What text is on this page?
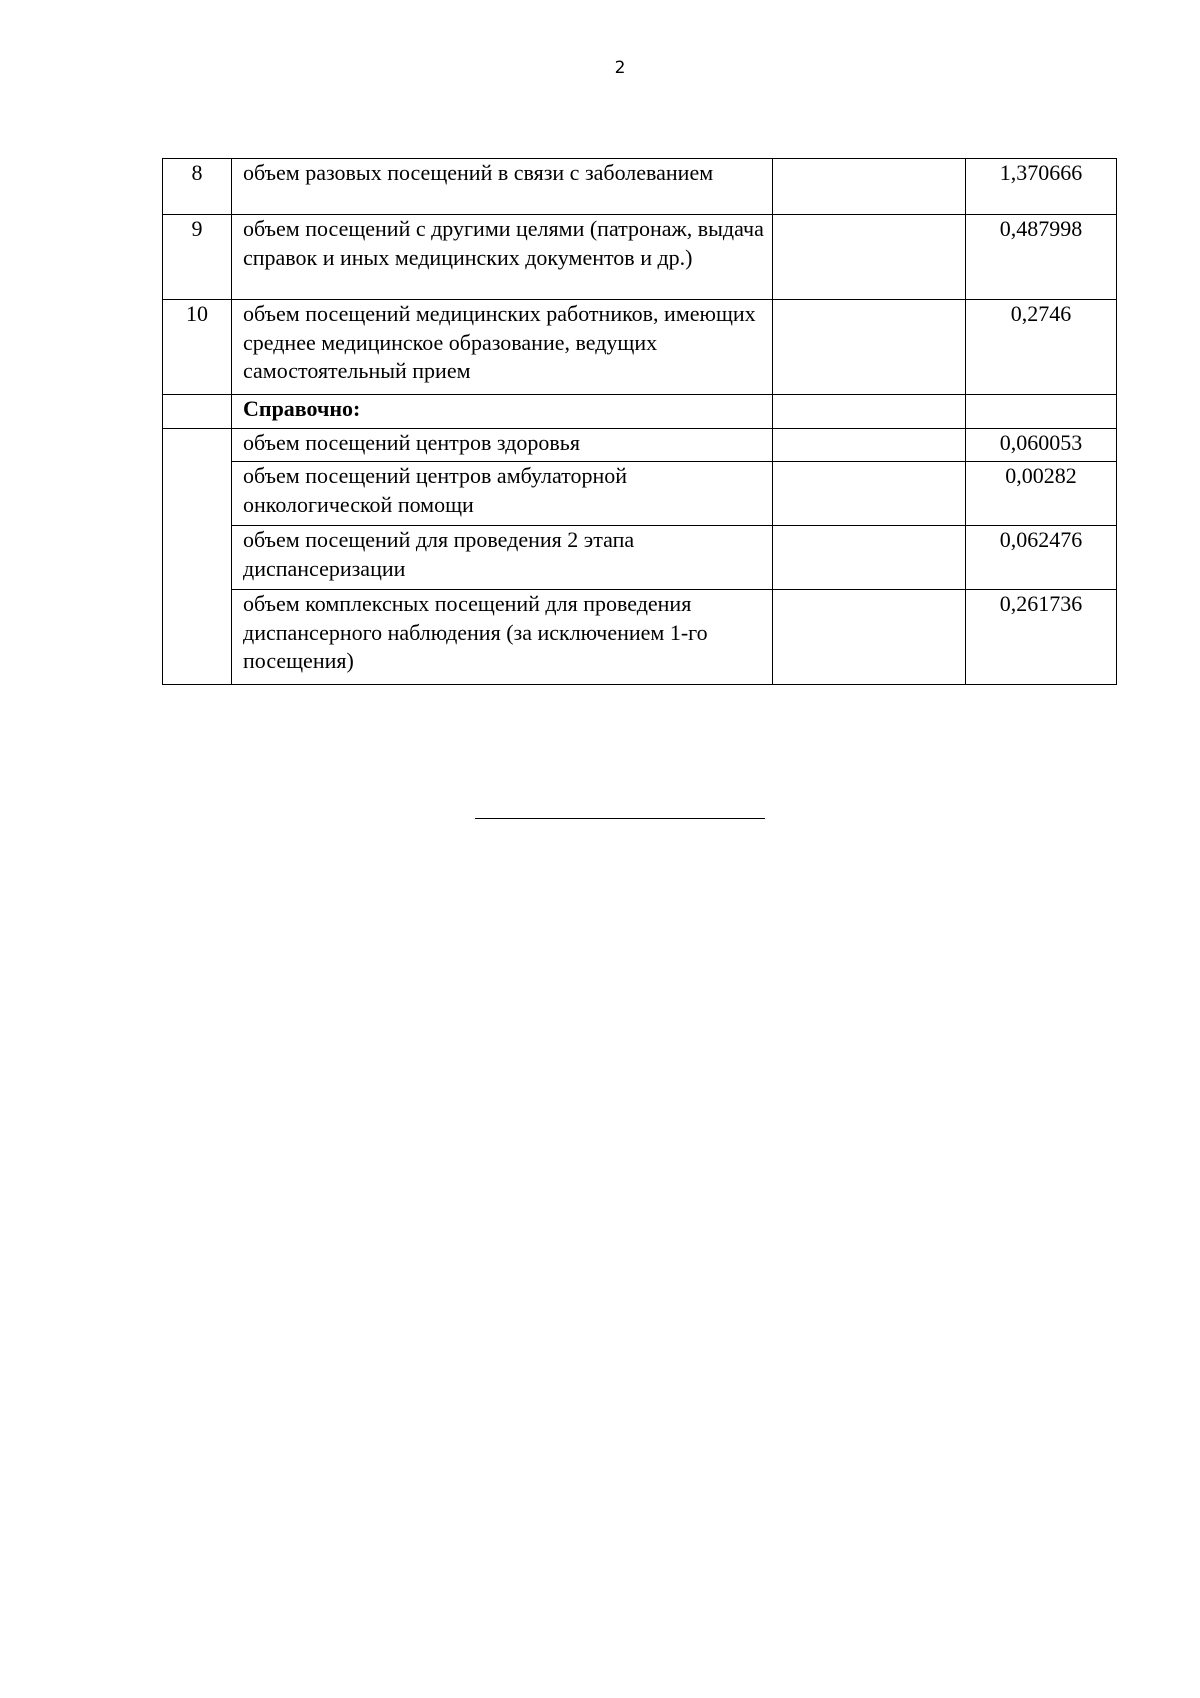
2
8	объем разовых посещений в связи с заболеванием		1,370666
9	объем посещений с другими целями (патронаж, выдача справок и иных медицинских документов и др.)		0,487998
10	объем посещений медицинских работников, имеющих среднее медицинское образование, ведущих самостоятельный прием		0,2746
	Справочно:		
	объем посещений центров здоровья		0,060053
	объем посещений центров амбулаторной онкологической помощи		0,00282
	объем посещений для проведения 2 этапа диспансеризации		0,062476
	объем комплексных посещений для проведения диспансерного наблюдения (за исключением 1-го посещения)		0,261736
